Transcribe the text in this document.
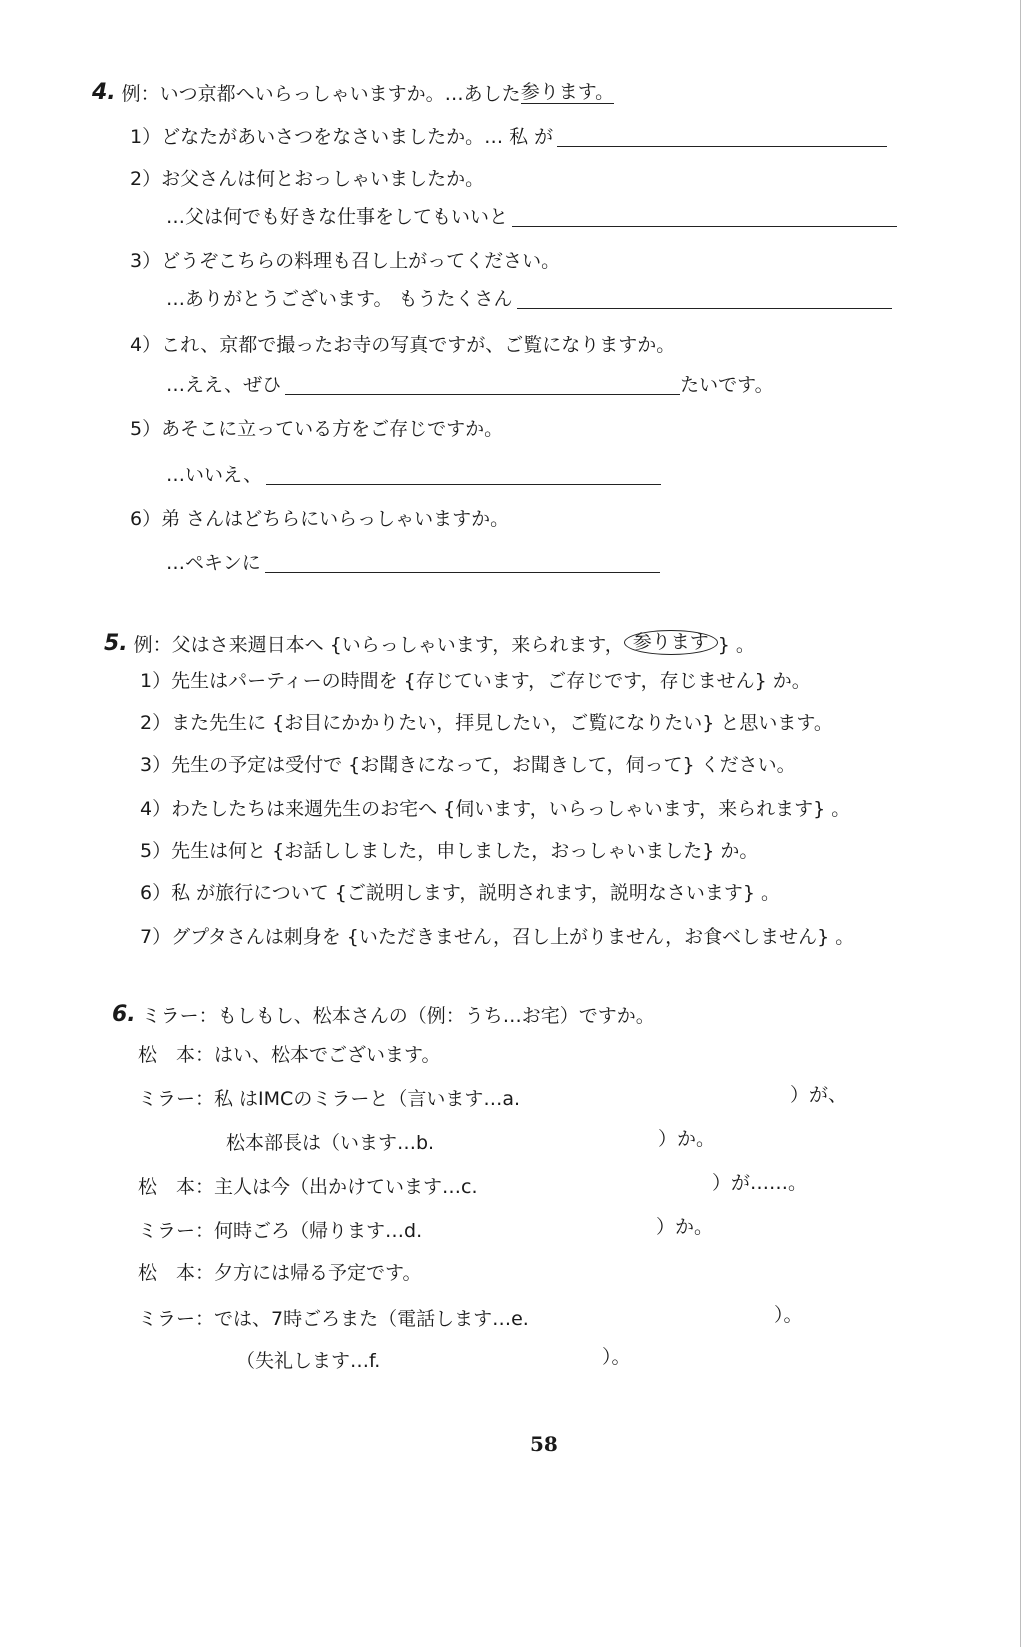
4. 例：いつ京都へいらっしゃいますか。…あした 参ります。
1） どなたがあいさつをなさいましたか。… 私 が
2） お父さんは何とおっしゃいましたか。
…父は何でも好きな仕事をしてもいいと
3） どうぞこちらの料理も召し上がってください。
…ありがとうございます。 もうたくさん
4） これ、京都で撮ったお寺の写真ですが、ご覧になりますか。
…ええ、ぜひ	たいです。
5） あそこに立っている方をご存じですか。
…いいえ、
6） 弟 さんはどちらにいらっしゃいますか。
…ペキンに
5. 例：父はさ来週日本へ {いらっしゃいます，来られます， 参ります } 。
1） 先生はパーティーの時間を {存じています，ご存じです，存じません} か。
2） また先生に {お目にかかりたい，拝見したい，ご覧になりたい} と思います。
3） 先生の予定は受付で {お聞きになって，お聞きして，伺って} ください。
4） わたしたちは来週先生のお宅へ {伺います，いらっしゃいます，来られます} 。
5） 先生は何と {お話ししました，申しました，おっしゃいました} か。
6） 私 が旅行について {ご説明します，説明されます，説明なさいます} 。
7） グプタさんは刺身を {いただきません，召し上がりません，お食べしません} 。
6. ミラー： もしもし、松本さんの（例：うち…お宅）ですか。
松　本： はい、松本でございます。
ミラー： 私 はIMCのミラーと（言います…a.	）が、
松本部長は（います…b.	）か。
松　本： 主人は今（出かけています…c.	）が……。
ミラー： 何時ごろ（帰ります…d.	）か。
松　本： 夕方には帰る予定です。
ミラー： では、7時ごろまた（電話します…e.	）。
（失礼します…f.	）。
58
